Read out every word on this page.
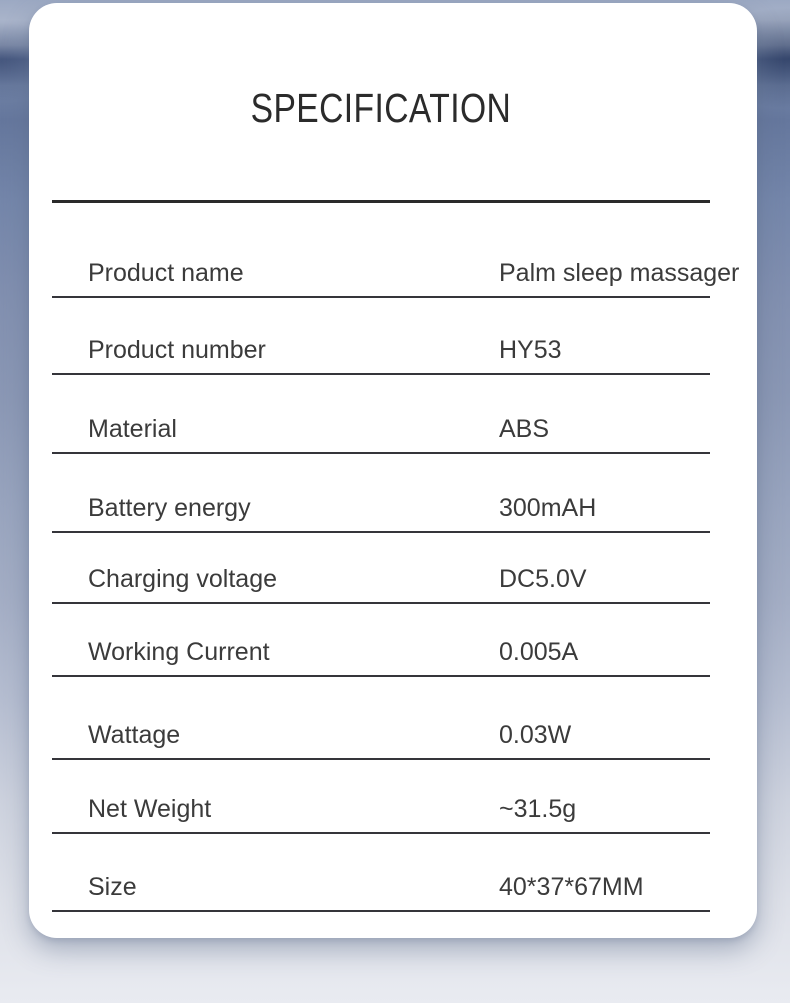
SPECIFICATION
Product name	Palm sleep massager
Product number	HY53
Material	ABS
Battery energy	300mAH
Charging voltage	DC5.0V
Working Current	0.005A
Wattage	0.03W
Net Weight	~31.5g
Size	40*37*67MM
